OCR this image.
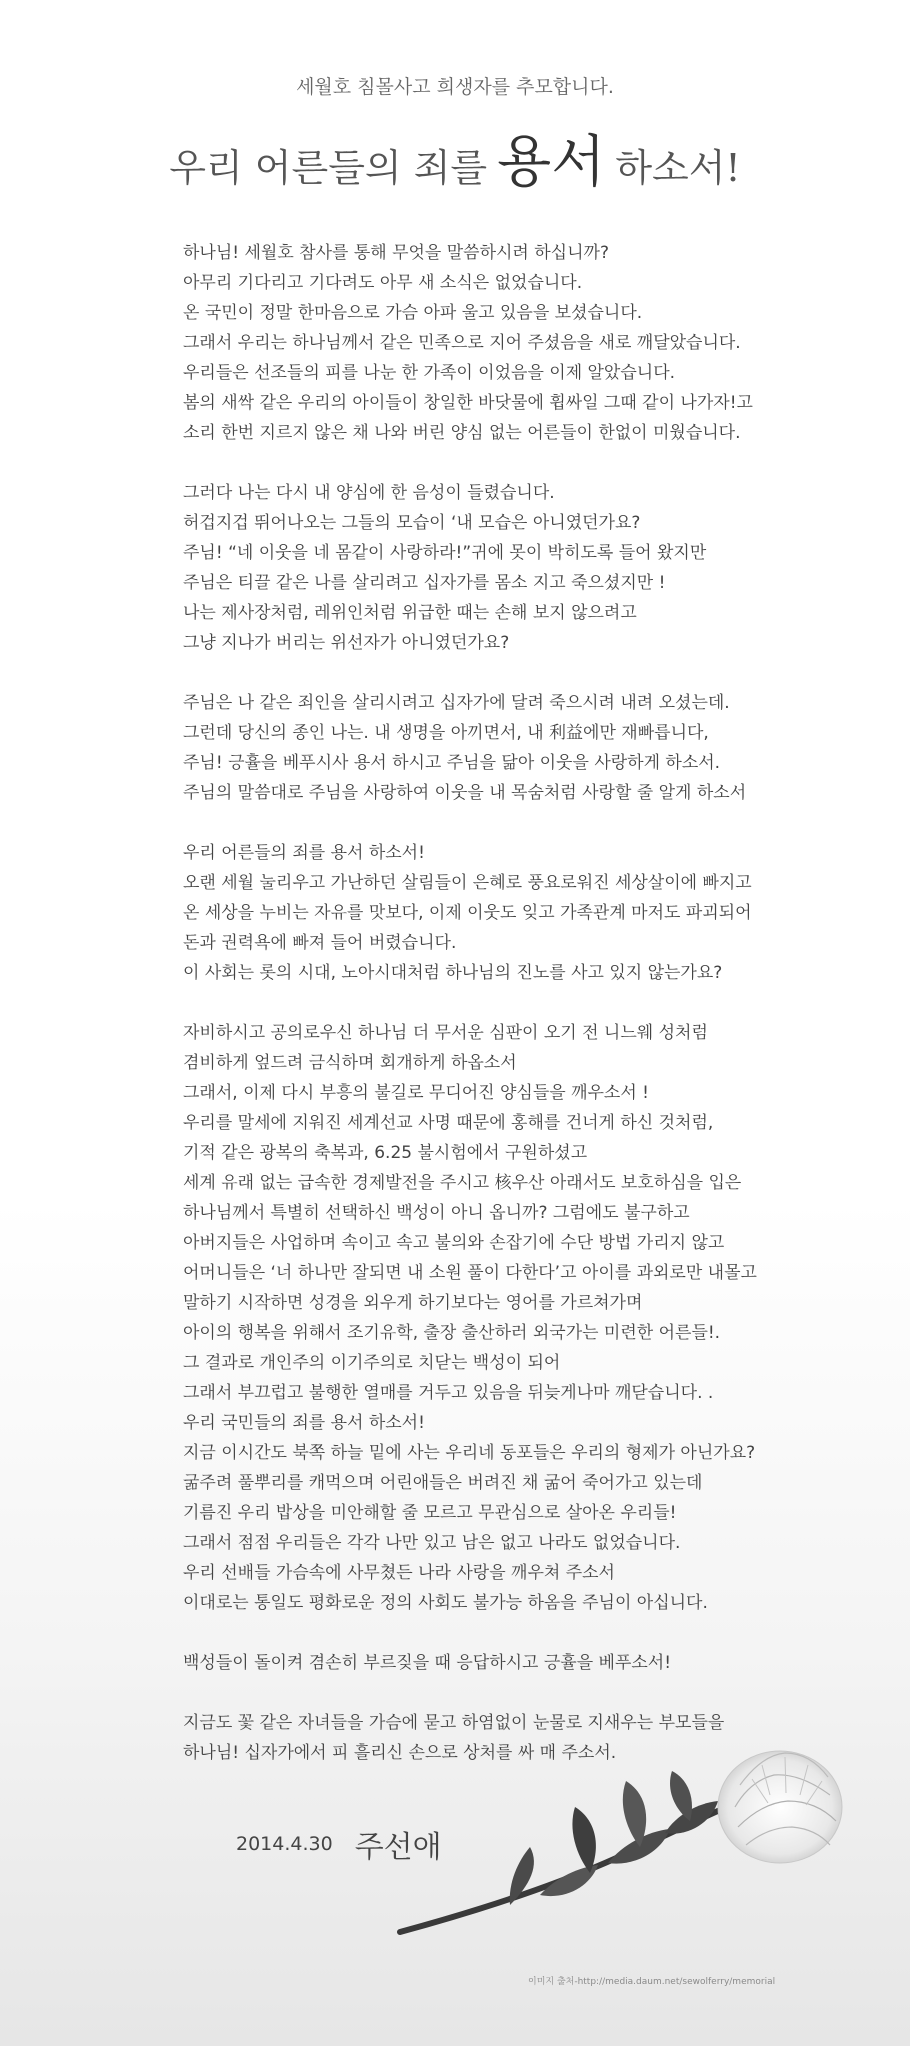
세월호 침몰사고 희생자를 추모합니다.
우리 어른들의 죄를 용서 하소서!
하나님! 세월호 참사를 통해 무엇을 말씀하시려 하십니까?
아무리 기다리고 기다려도 아무 새 소식은 없었습니다.
온 국민이 정말 한마음으로 가슴 아파 울고 있음을 보셨습니다.
그래서 우리는 하나님께서 같은 민족으로 지어 주셨음을 새로 깨달았습니다.
우리들은 선조들의 피를 나눈 한 가족이 이었음을 이제 알았습니다.
봄의 새싹 같은 우리의 아이들이 창일한 바닷물에 휩싸일 그때 같이 나가자!고
소리 한번 지르지 않은 채 나와 버린 양심 없는 어른들이 한없이 미웠습니다.
그러다 나는 다시 내 양심에 한 음성이 들렸습니다.
허겁지겁 뛰어나오는 그들의 모습이 ‘내 모습은 아니였던가요?
주님! “네 이웃을 네 몸같이 사랑하라!”귀에 못이 박히도록 들어 왔지만
주님은 티끌 같은 나를 살리려고 십자가를 몸소 지고 죽으셨지만 !
나는 제사장처럼, 레위인처럼 위급한 때는 손해 보지 않으려고
그냥 지나가 버리는 위선자가 아니였던가요?
주님은 나 같은 죄인을 살리시려고 십자가에 달려 죽으시려 내려 오셨는데.
그런데 당신의 종인 나는. 내 생명을 아끼면서, 내 利益에만 재빠릅니다,
주님! 긍휼을 베푸시사 용서 하시고 주님을 닮아 이웃을 사랑하게 하소서.
주님의 말씀대로 주님을 사랑하여 이웃을 내 목숨처럼 사랑할 줄 알게 하소서
우리 어른들의 죄를 용서 하소서!
오랜 세월 눌리우고 가난하던 살림들이 은혜로 풍요로워진 세상살이에 빠지고
온 세상을 누비는 자유를 맛보다, 이제 이웃도 잊고 가족관계 마저도 파괴되어
돈과 권력욕에 빠져 들어 버렸습니다.
이 사회는 롯의 시대, 노아시대처럼 하나님의 진노를 사고 있지 않는가요?
자비하시고 공의로우신 하나님 더 무서운 심판이 오기 전 니느웨 성처럼
겸비하게 엎드려 금식하며 회개하게 하옵소서
그래서, 이제 다시 부흥의 불길로 무디어진 양심들을 깨우소서 !
우리를 말세에 지워진 세계선교 사명 때문에 홍해를 건너게 하신 것처럼,
기적 같은 광복의 축복과, 6.25 불시험에서 구원하셨고
세계 유래 없는 급속한 경제발전을 주시고 核우산 아래서도 보호하심을 입은
하나님께서 특별히 선택하신 백성이 아니 옵니까? 그럼에도 불구하고
아버지들은 사업하며 속이고 속고 불의와 손잡기에 수단 방법 가리지 않고
어머니들은 ‘너 하나만 잘되면 내 소원 풀이 다한다’고 아이를 과외로만 내몰고
말하기 시작하면 성경을 외우게 하기보다는 영어를 가르쳐가며
아이의 행복을 위해서 조기유학, 출장 출산하러 외국가는 미련한 어른들!.
그 결과로 개인주의 이기주의로 치닫는 백성이 되어
그래서 부끄럽고 불행한 열매를 거두고 있음을 뒤늦게나마 깨닫습니다. .
우리 국민들의 죄를 용서 하소서!
지금 이시간도 북쪽 하늘 밑에 사는 우리네 동포들은 우리의 형제가 아닌가요?
굶주려 풀뿌리를 캐먹으며 어린애들은 버려진 채 굶어 죽어가고 있는데
기름진 우리 밥상을 미안해할 줄 모르고 무관심으로 살아온 우리들!
그래서 점점 우리들은 각각 나만 있고 남은 없고 나라도 없었습니다.
우리 선배들 가슴속에 사무쳤든 나라 사랑을 깨우쳐 주소서
이대로는 통일도 평화로운 정의 사회도 불가능 하옴을 주님이 아십니다.
백성들이 돌이켜 겸손히 부르짖을 때 응답하시고 긍휼을 베푸소서!
지금도 꽃 같은 자녀들을 가슴에 묻고 하염없이 눈물로 지새우는 부모들을
하나님! 십자가에서 피 흘리신 손으로 상처를 싸 매 주소서.
2014.4.30 주선애
이미지 출처-http://media.daum.net/sewolferry/memorial
